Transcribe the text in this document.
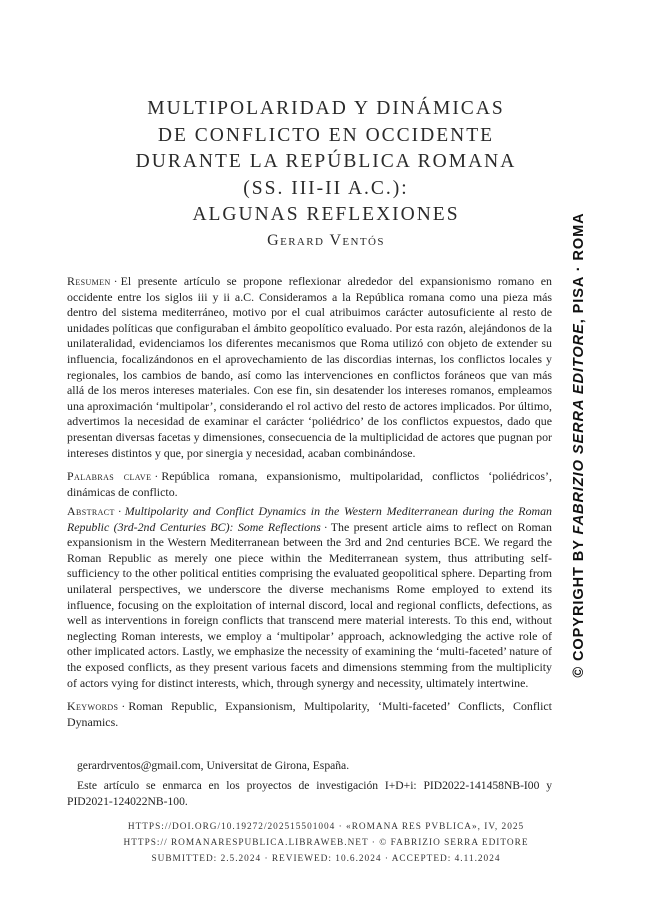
MULTIPOLARIDAD Y DINÁMICAS
DE CONFLICTO EN OCCIDENTE
DURANTE LA REPÚBLICA ROMANA
(SS. III-II A.C.):
ALGUNAS REFLEXIONES
Gerard Ventós
Resumen · El presente artículo se propone reflexionar alrededor del expansionismo romano en occidente entre los siglos iii y ii a.C. Consideramos a la República romana como una pieza más dentro del sistema mediterráneo, motivo por el cual atribuimos carácter autosuficiente al resto de unidades políticas que configuraban el ámbito geopolítico evaluado. Por esta razón, alejándonos de la unilateralidad, evidenciamos los diferentes mecanismos que Roma utilizó con objeto de extender su influencia, focalizándonos en el aprovechamiento de las discordias internas, los conflictos locales y regionales, los cambios de bando, así como las intervenciones en conflictos foráneos que van más allá de los meros intereses materiales. Con ese fin, sin desatender los intereses romanos, empleamos una aproximación ‘multipolar’, considerando el rol activo del resto de actores implicados. Por último, advertimos la necesidad de examinar el carácter ‘poliédrico’ de los conflictos expuestos, dado que presentan diversas facetas y dimensiones, consecuencia de la multiplicidad de actores que pugnan por intereses distintos y que, por sinergia y necesidad, acaban combinándose.
Palabras clave · República romana, expansionismo, multipolaridad, conflictos ‘poliédricos’, dinámicas de conflicto.
Abstract · Multipolarity and Conflict Dynamics in the Western Mediterranean during the Roman Republic (3rd-2nd Centuries BC): Some Reflections · The present article aims to reflect on Roman expansionism in the Western Mediterranean between the 3rd and 2nd centuries BCE. We regard the Roman Republic as merely one piece within the Mediterranean system, thus attributing self-sufficiency to the other political entities comprising the evaluated geopolitical sphere. Departing from unilateral perspectives, we underscore the diverse mechanisms Rome employed to extend its influence, focusing on the exploitation of internal discord, local and regional conflicts, defections, as well as interventions in foreign conflicts that transcend mere material interests. To this end, without neglecting Roman interests, we employ a ‘multipolar’ approach, acknowledging the active role of other implicated actors. Lastly, we emphasize the necessity of examining the ‘multi-faceted’ nature of the exposed conflicts, as they present various facets and dimensions stemming from the multiplicity of actors vying for distinct interests, which, through synergy and necessity, ultimately intertwine.
Keywords · Roman Republic, Expansionism, Multipolarity, ‘Multi-faceted’ Conflicts, Conflict Dynamics.
gerardrventos@gmail.com, Universitat de Girona, España.
Este artículo se enmarca en los proyectos de investigación I+D+i: PID2022-141458NB-I00 y PID2021-124022NB-100.
HTTPS://DOI.ORG/10.19272/202515501004 · «ROMANA RES PVBLICA», IV, 2025
HTTPS:// ROMANARESPUBLICA.LIBRAWEB.NET · © FABRIZIO SERRA EDITORE
SUBMITTED: 2.5.2024 · REVIEWED: 10.6.2024 · ACCEPTED: 4.11.2024
© COPYRIGHT BY FABRIZIO SERRA EDITORE, PISA · ROMA
